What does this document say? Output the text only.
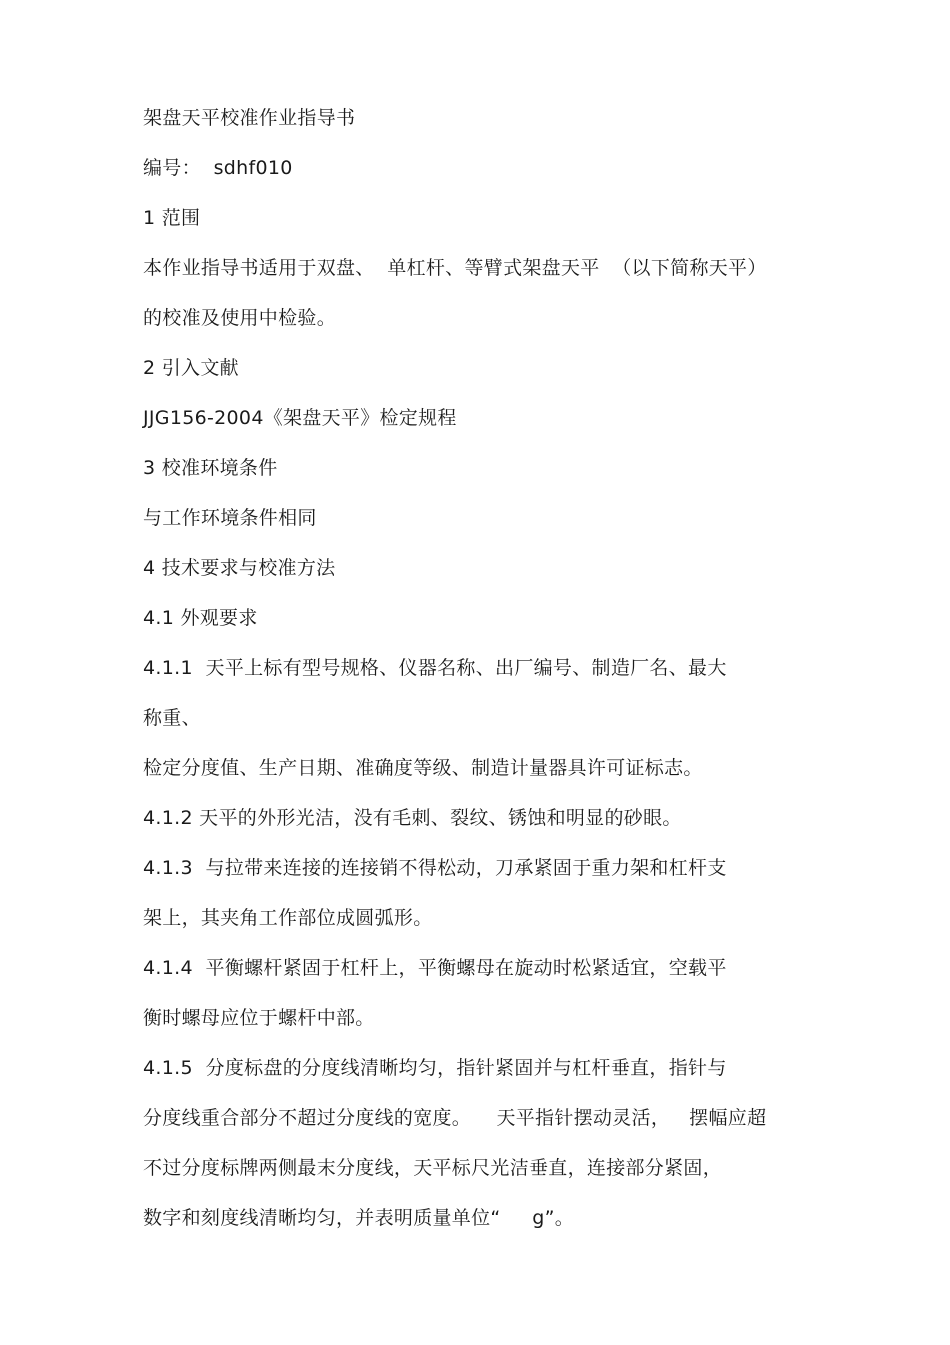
架盘天平校准作业指导书
编号：  sdhf010
1 范围
本作业指导书适用于双盘、  单杠杆、等臂式架盘天平  （以下简称天平）
的校准及使用中检验。
2 引入文献
JJG156-2004《架盘天平》检定规程
3 校准环境条件
与工作环境条件相同
4 技术要求与校准方法
4.1 外观要求
4.1.1  天平上标有型号规格、仪器名称、出厂编号、制造厂名、最大
称重、
检定分度值、生产日期、准确度等级、制造计量器具许可证标志。
4.1.2 天平的外形光洁，没有毛刺、裂纹、锈蚀和明显的砂眼。
4.1.3  与拉带来连接的连接销不得松动，刀承紧固于重力架和杠杆支
架上，其夹角工作部位成圆弧形。
4.1.4  平衡螺杆紧固于杠杆上，平衡螺母在旋动时松紧适宜，空载平
衡时螺母应位于螺杆中部。
4.1.5  分度标盘的分度线清晰均匀，指针紧固并与杠杆垂直，指针与
分度线重合部分不超过分度线的宽度。    天平指针摆动灵活，   摆幅应超
不过分度标牌两侧最末分度线，天平标尺光洁垂直，连接部分紧固，
数字和刻度线清晰均匀，并表明质量单位“     g”。
